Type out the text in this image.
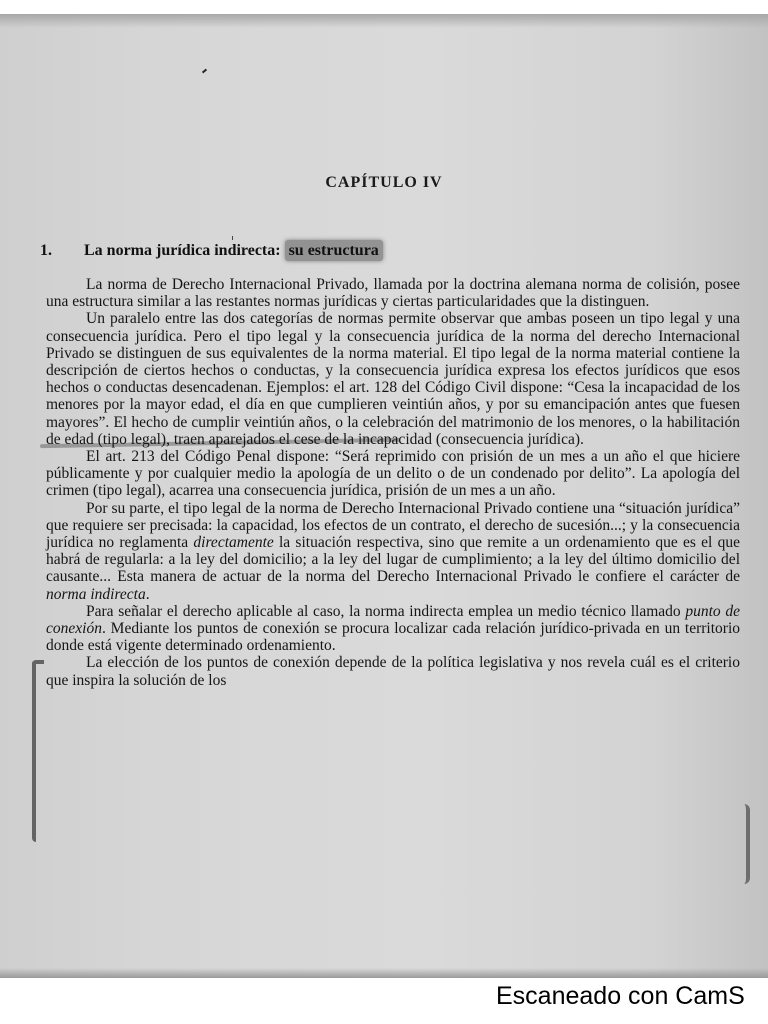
CAPÍTULO IV
1. La norma jurídica indirecta: su estructura

La norma de Derecho Internacional Privado, llamada por la doctrina alemana norma de colisión, posee una estructura similar a las restantes normas jurídicas y ciertas particularidades que la distinguen.

Un paralelo entre las dos categorías de normas permite observar que ambas poseen un tipo legal y una consecuencia jurídica. Pero el tipo legal y la consecuencia jurídica de la norma del derecho Internacional Privado se distinguen de sus equivalentes de la norma material. El tipo legal de la norma material contiene la descripción de ciertos hechos o conductas, y la consecuencia jurídica expresa los efectos jurídicos que esos hechos o conductas desencadenan. Ejemplos: el art. 128 del Código Civil dispone: “Cesa la incapacidad de los menores por la mayor edad, el día en que cumplieren veintiún años, y por su emancipación antes que fuesen mayores”. El hecho de cumplir veintiún años, o la celebración del matrimonio de los menores, o la habilitación de edad (tipo legal), traen aparejados el cese de la incapacidad (consecuencia jurídica).

El art. 213 del Código Penal dispone: “Será reprimido con prisión de un mes a un año el que hiciere públicamente y por cualquier medio la apología de un delito o de un condenado por delito”. La apología del crimen (tipo legal), acarrea una consecuencia jurídica, prisión de un mes a un año.

Por su parte, el tipo legal de la norma de Derecho Internacional Privado contiene una “situación jurídica” que requiere ser precisada: la capacidad, los efectos de un contrato, el derecho de sucesión...; y la consecuencia jurídica no reglamenta directamente la situación respectiva, sino que remite a un ordenamiento que es el que habrá de regularla: a la ley del domicilio; a la ley del lugar de cumplimiento; a la ley del último domicilio del causante... Esta manera de actuar de la norma del Derecho Internacional Privado le confiere el carácter de norma indirecta.

Para señalar el derecho aplicable al caso, la norma indirecta emplea un medio técnico llamado punto de conexión. Mediante los puntos de conexión se procura localizar cada relación jurídico-privada en un territorio donde está vigente determinado ordenamiento.

La elección de los puntos de conexión depende de la política legislativa y nos revela cuál es el criterio que inspira la solución de los

Escaneado con CamS
